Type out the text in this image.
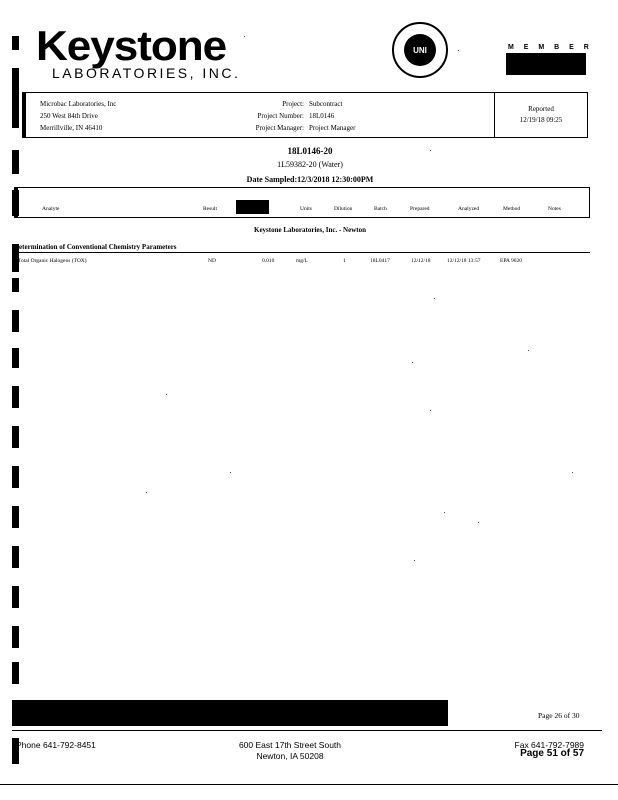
Keystone
LABORATORIES, INC.
UNI	M E M B E R
Microbac Laboratories, Inc
250 West 84th Drive
Merrillville, IN 46410
Project: Subcontract
Project Number: 18L0146
Project Manager: Project Manager
Reported
12/19/18 09:25
18L0146-20
1L59382-20 (Water)
Date Sampled:12/3/2018 12:30:00PM
Analyte	Result	Units	Dilution	Batch	Prepared	Analyzed	Method	Notes
Keystone Laboratories, Inc. - Newton
Determination of Conventional Chemistry Parameters
Total Organic Halogens (TOX)	ND	0.010	mg/L	1	18L0417	12/12/18	12/12/18 13:57	EPA 9020
Page 26 of 30
Phone 641-792-8451	600 East 17th Street South
Newton, IA 50208
Fax 641-792-7989
Page 51 of 57
